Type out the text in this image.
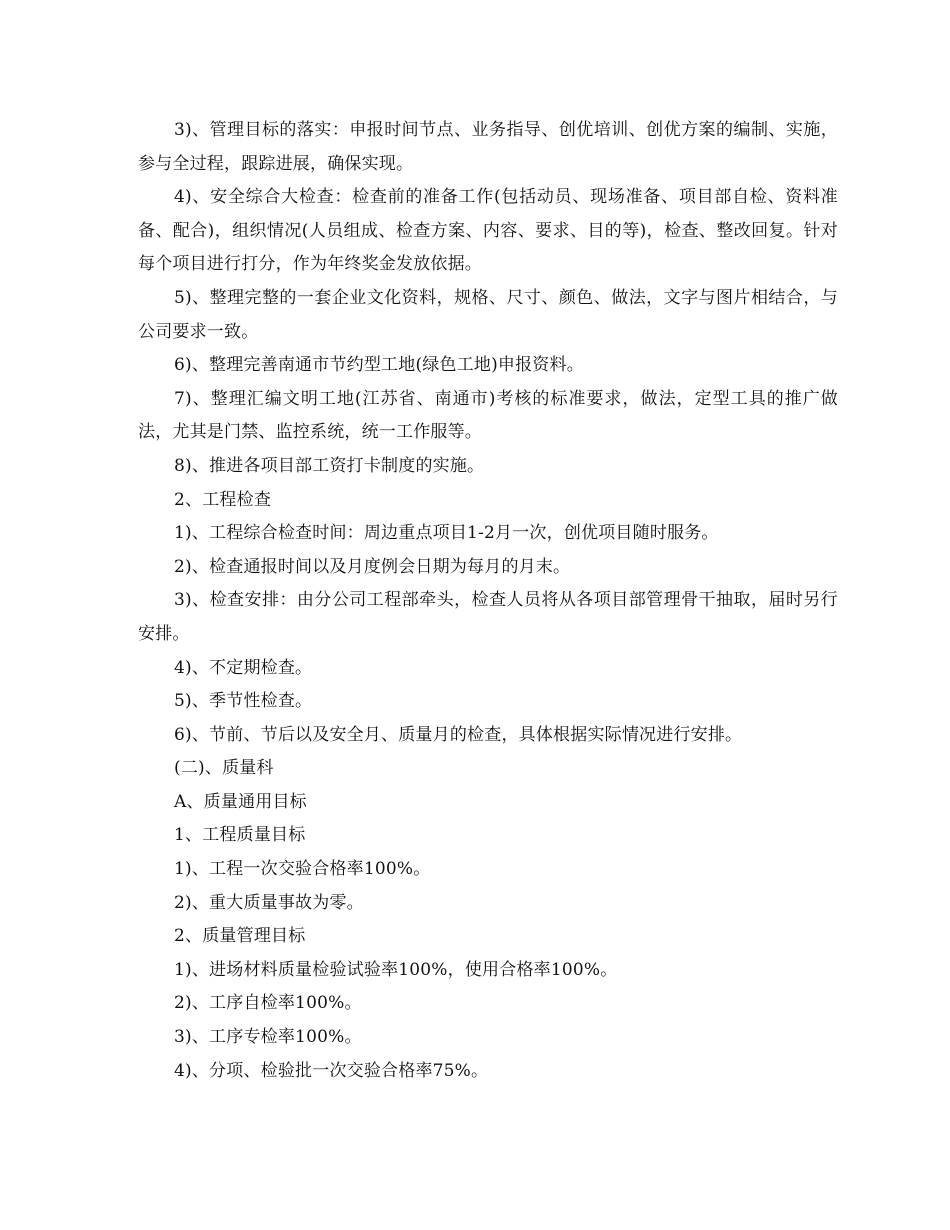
3)、管理目标的落实：申报时间节点、业务指导、创优培训、创优方案的编制、实施，参与全过程，跟踪进展，确保实现。

4)、安全综合大检查：检查前的准备工作(包括动员、现场准备、项目部自检、资料准备、配合)，组织情况(人员组成、检查方案、内容、要求、目的等)，检查、整改回复。针对每个项目进行打分，作为年终奖金发放依据。

5)、整理完整的一套企业文化资料，规格、尺寸、颜色、做法，文字与图片相结合，与公司要求一致。

6)、整理完善南通市节约型工地(绿色工地)申报资料。

7)、整理汇编文明工地(江苏省、南通市)考核的标准要求，做法，定型工具的推广做法，尤其是门禁、监控系统，统一工作服等。

8)、推进各项目部工资打卡制度的实施。

2、工程检查

1)、工程综合检查时间：周边重点项目1-2月一次，创优项目随时服务。

2)、检查通报时间以及月度例会日期为每月的月末。

3)、检查安排：由分公司工程部牵头，检查人员将从各项目部管理骨干抽取，届时另行安排。

4)、不定期检查。

5)、季节性检查。

6)、节前、节后以及安全月、质量月的检查，具体根据实际情况进行安排。

(二)、质量科

A、质量通用目标

1、工程质量目标

1)、工程一次交验合格率100%。

2)、重大质量事故为零。

2、质量管理目标

1)、进场材料质量检验试验率100%，使用合格率100%。

2)、工序自检率100%。

3)、工序专检率100%。

4)、分项、检验批一次交验合格率75%。
